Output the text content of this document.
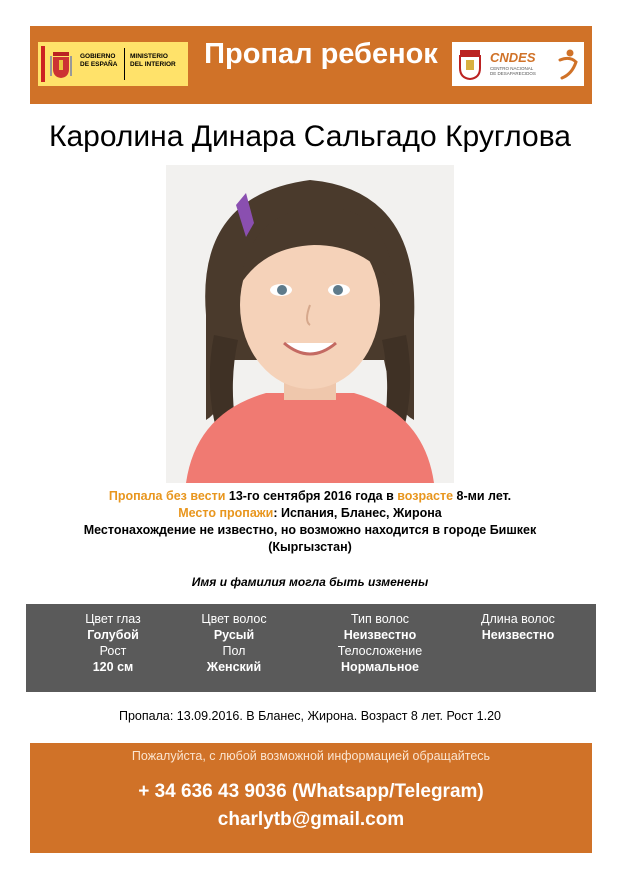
GOBIERNO
DE ESPAÑA
MINISTERIO
DEL INTERIOR Пропал ребенок	CNDES
CENTRO NACIONAL
DE DESAPARECIDOS
Каролина Динара Сальгадо Круглова
Пропала без вести 13-го сентября 2016 года в возрасте 8-ми лет.
Место пропажи: Испания, Бланес, Жирона
Местонахождение не известно, но возможно находится в городе Бишкек
(Кыргызстан)
Имя и фамилия могла быть изменены
Цвет глаз
Голубой
Рост
120 см
Цвет волос
Русый
Пол
Женский
Тип волос
Неизвестно
Телосложение
Нормальное
Длина волос
Неизвестно
Пропала: 13.09.2016. В Бланес, Жирона. Возраст 8 лет. Рост 1.20
Пожалуйста, с любой возможной информацией обращайтесь
+ 34 636 43 9036 (Whatsapp/Telegram)
charlytb@gmail.com
